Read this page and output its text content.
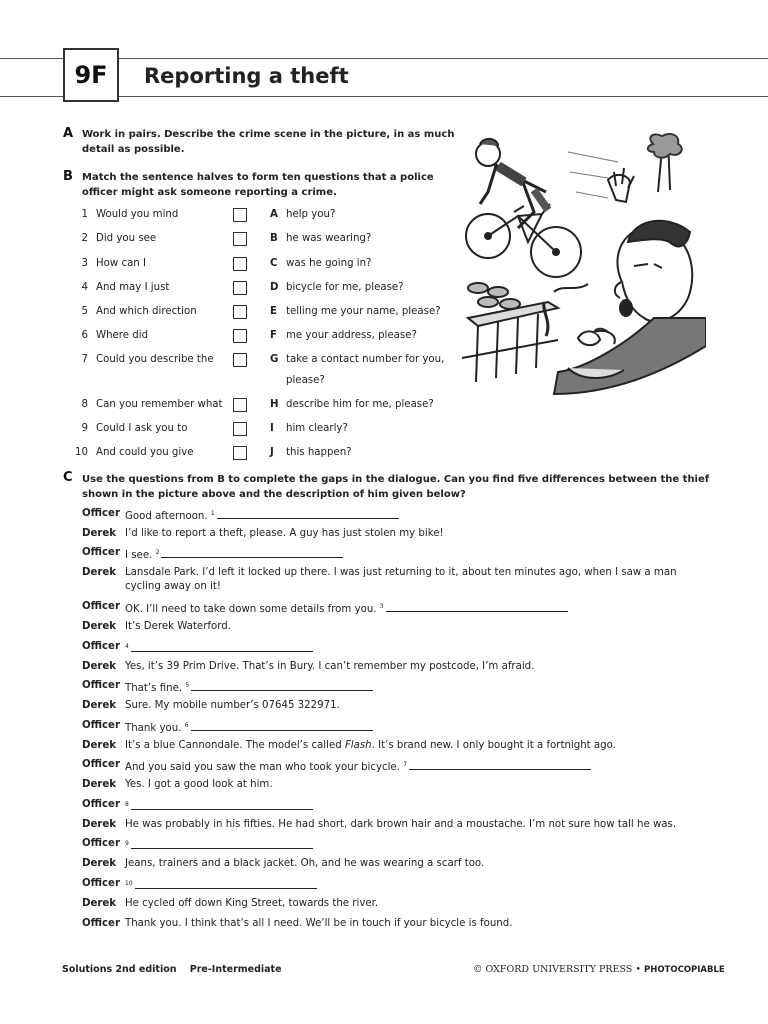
9F Reporting a theft
A Work in pairs. Describe the crime scene in the picture, in as much
detail as possible.
B Match the sentence halves to form ten questions that a police
officer might ask someone reporting a crime.
1 Would you mind	A help you?
2 Did you see	B he was wearing?
3 How can I	C was he going in?
4 And may I just	D bicycle for me, please?
5 And which direction	E telling me your name, please?
6 Where did	F me your address, please?
7 Could you describe the	G take a contact number for you,
please?
8 Can you remember what	H describe him for me, please?
9 Could I ask you to	I him clearly?
10 And could you give	J this happen?
C Use the questions from B to complete the gaps in the dialogue. Can you find five differences between the thief
shown in the picture above and the description of him given below?
Officer Good afternoon. $^1$
Derek I’d like to report a theft, please. A guy has just stolen my bike!
Officer I see. $^2$
Derek Lansdale Park. I’d left it locked up there. I was just returning to it, about ten minutes ago, when I saw a man
cycling away on it!
Officer OK. I’ll need to take down some details from you. $^3$
Derek It’s Derek Waterford.
Officer $^4$
Derek Yes, it’s 39 Prim Drive. That’s in Bury. I can’t remember my postcode, I’m afraid.
Officer That’s fine. $^5$
Derek Sure. My mobile number’s 07645 322971.
Officer Thank you. $^6$
Derek It’s a blue Cannondale. The model’s called Flash. It’s brand new. I only bought it a fortnight ago.
Officer And you said you saw the man who took your bicycle. $^7$
Derek Yes. I got a good look at him.
Officer $^8$
Derek He was probably in his fifties. He had short, dark brown hair and a moustache. I’m not sure how tall he was.
Officer $^9$
Derek Jeans, trainers and a black jacket. Oh, and he was wearing a scarf too.
Officer $^{10}$
Derek He cycled off down King Street, towards the river.
Officer Thank you. I think that’s all I need. We’ll be in touch if your bicycle is found.
Solutions 2nd edition Pre-Intermediate	© OXFORD UNIVERSITY PRESS • PHOTOCOPIABLE
